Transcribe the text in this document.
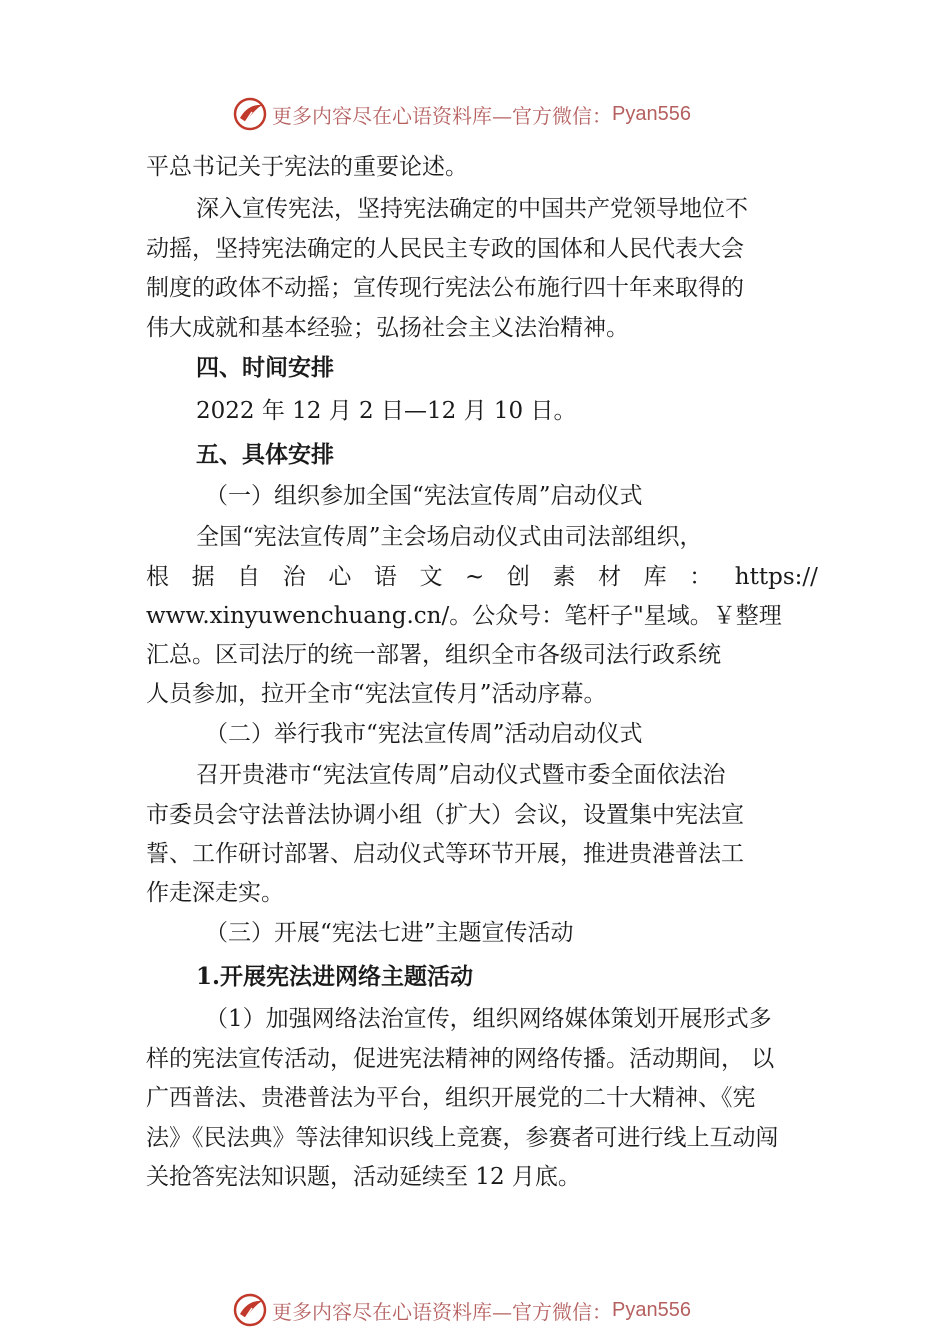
更多内容尽在心语资料库—官方微信： Pyan556
平总书记关于宪法的重要论述。
深入宣传宪法，坚持宪法确定的中国共产党领导地位不
动摇，坚持宪法确定的人民民主专政的国体和人民代表大会
制度的政体不动摇；宣传现行宪法公布施行四十年来取得的
伟大成就和基本经验；弘扬社会主义法治精神。
四、时间安排
2022 年 12 月 2 日—12 月 10 日。
五、具体安排
（一）组织参加全国“宪法宣传周”启动仪式
全国“宪法宣传周”主会场启动仪式由司法部组织，
根 据 自 治 心 语 文 ~ 创 素 材 库 ： https://
www.xinyuwenchuang.cn/。公众号：笔杆子"星域。￥整理
汇总。区司法厅的统一部署，组织全市各级司法行政系统
人员参加，拉开全市“宪法宣传月”活动序幕。
（二）举行我市“宪法宣传周”活动启动仪式
召开贵港市“宪法宣传周”启动仪式暨市委全面依法治
市委员会守法普法协调小组（扩大）会议，设置集中宪法宣
誓、工作研讨部署、启动仪式等环节开展，推进贵港普法工
作走深走实。
（三）开展“宪法七进”主题宣传活动
1.开展宪法进网络主题活动
（1）加强网络法治宣传，组织网络媒体策划开展形式多
样的宪法宣传活动，促进宪法精神的网络传播。活动期间， 以
广西普法、贵港普法为平台，组织开展党的二十大精神、《宪
法》《民法典》等法律知识线上竞赛，参赛者可进行线上互动闯
关抢答宪法知识题，活动延续至 12 月底。
更多内容尽在心语资料库—官方微信： Pyan556
